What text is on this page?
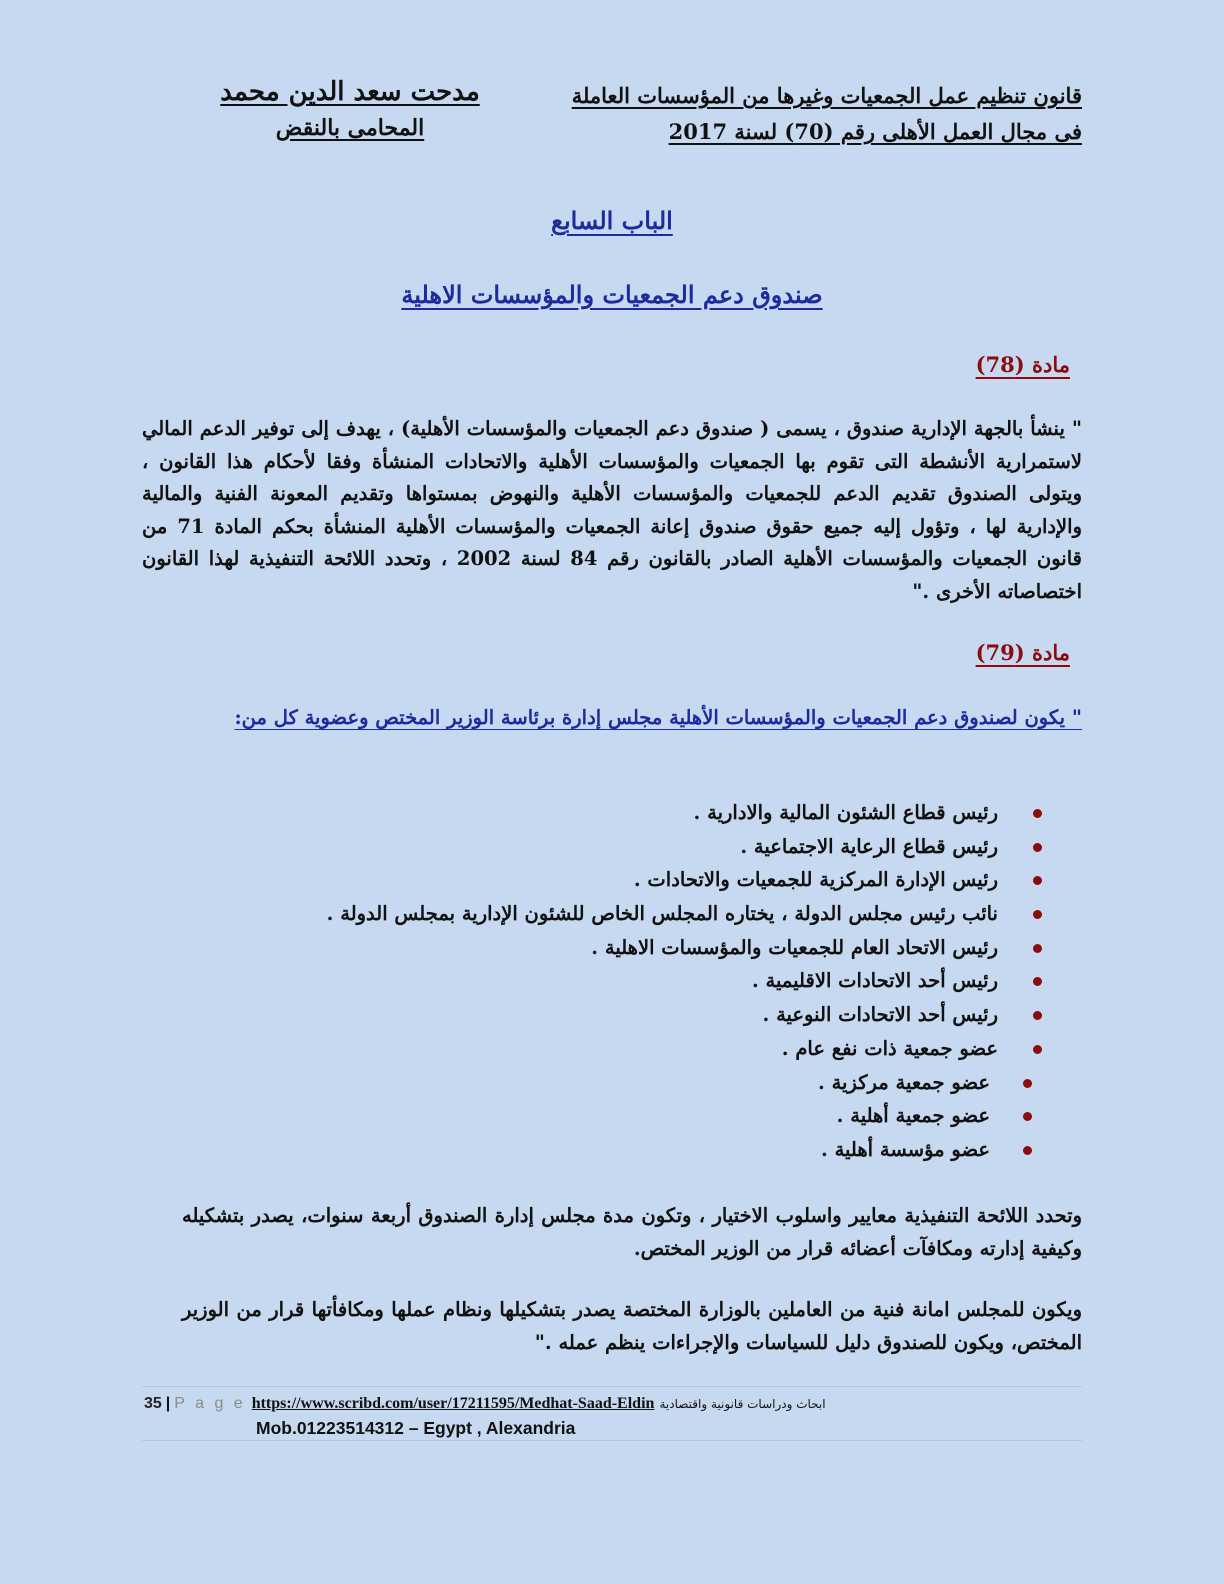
قانون تنظيم عمل الجمعيات وغيرها من المؤسسات العاملة
فى مجال العمل الأهلى رقم (70) لسنة 2017
مدحت سعد الدين محمد
المحامى بالنقض
الباب السابع
صندوق دعم الجمعيات والمؤسسات الاهلية
مادة (78)
" ينشأ بالجهة الإدارية صندوق ، يسمى ( صندوق دعم الجمعيات والمؤسسات الأهلية) ، يهدف إلى توفير الدعم المالي لاستمرارية الأنشطة التى تقوم بها الجمعيات والمؤسسات الأهلية والاتحادات المنشأة وفقا لأحكام هذا القانون ، ويتولى الصندوق تقديم الدعم للجمعيات والمؤسسات الأهلية والنهوض بمستواها وتقديم المعونة الفنية والمالية والإدارية لها ، وتؤول إليه جميع حقوق صندوق إعانة الجمعيات والمؤسسات الأهلية المنشأة بحكم المادة 71 من قانون الجمعيات والمؤسسات الأهلية الصادر بالقانون رقم 84 لسنة 2002 ، وتحدد اللائحة التنفيذية لهذا القانون اختصاصاته الأخرى ."
مادة (79)
" يكون لصندوق دعم الجمعيات والمؤسسات الأهلية مجلس إدارة برئاسة الوزير المختص وعضوية كل من:
رئيس قطاع الشئون المالية والادارية .
رئيس قطاع الرعاية الاجتماعية .
رئيس الإدارة المركزية للجمعيات والاتحادات .
نائب رئيس مجلس الدولة ، يختاره المجلس الخاص للشئون الإدارية بمجلس الدولة .
رئيس الاتحاد العام للجمعيات والمؤسسات الاهلية .
رئيس أحد الاتحادات الاقليمية .
رئيس أحد الاتحادات النوعية .
عضو جمعية ذات نفع عام .
عضو جمعية مركزية .
عضو جمعية أهلية .
عضو مؤسسة أهلية .
وتحدد اللائحة التنفيذية معايير واسلوب الاختيار ، وتكون مدة مجلس إدارة الصندوق أربعة سنوات، يصدر بتشكيله وكيفية إدارته ومكافآت أعضائه قرار من الوزير المختص.
ويكون للمجلس امانة فنية من العاملين بالوزارة المختصة يصدر بتشكيلها ونظام عملها ومكافأتها قرار من الوزير المختص، ويكون للصندوق دليل للسياسات والإجراءات ينظم عمله ."
35 | P a g e https://www.scribd.com/user/17211595/Medhat-Saad-Eldin ابحاث ودراسات قانونية واقتصادية
Mob.01223514312 – Egypt , Alexandria
